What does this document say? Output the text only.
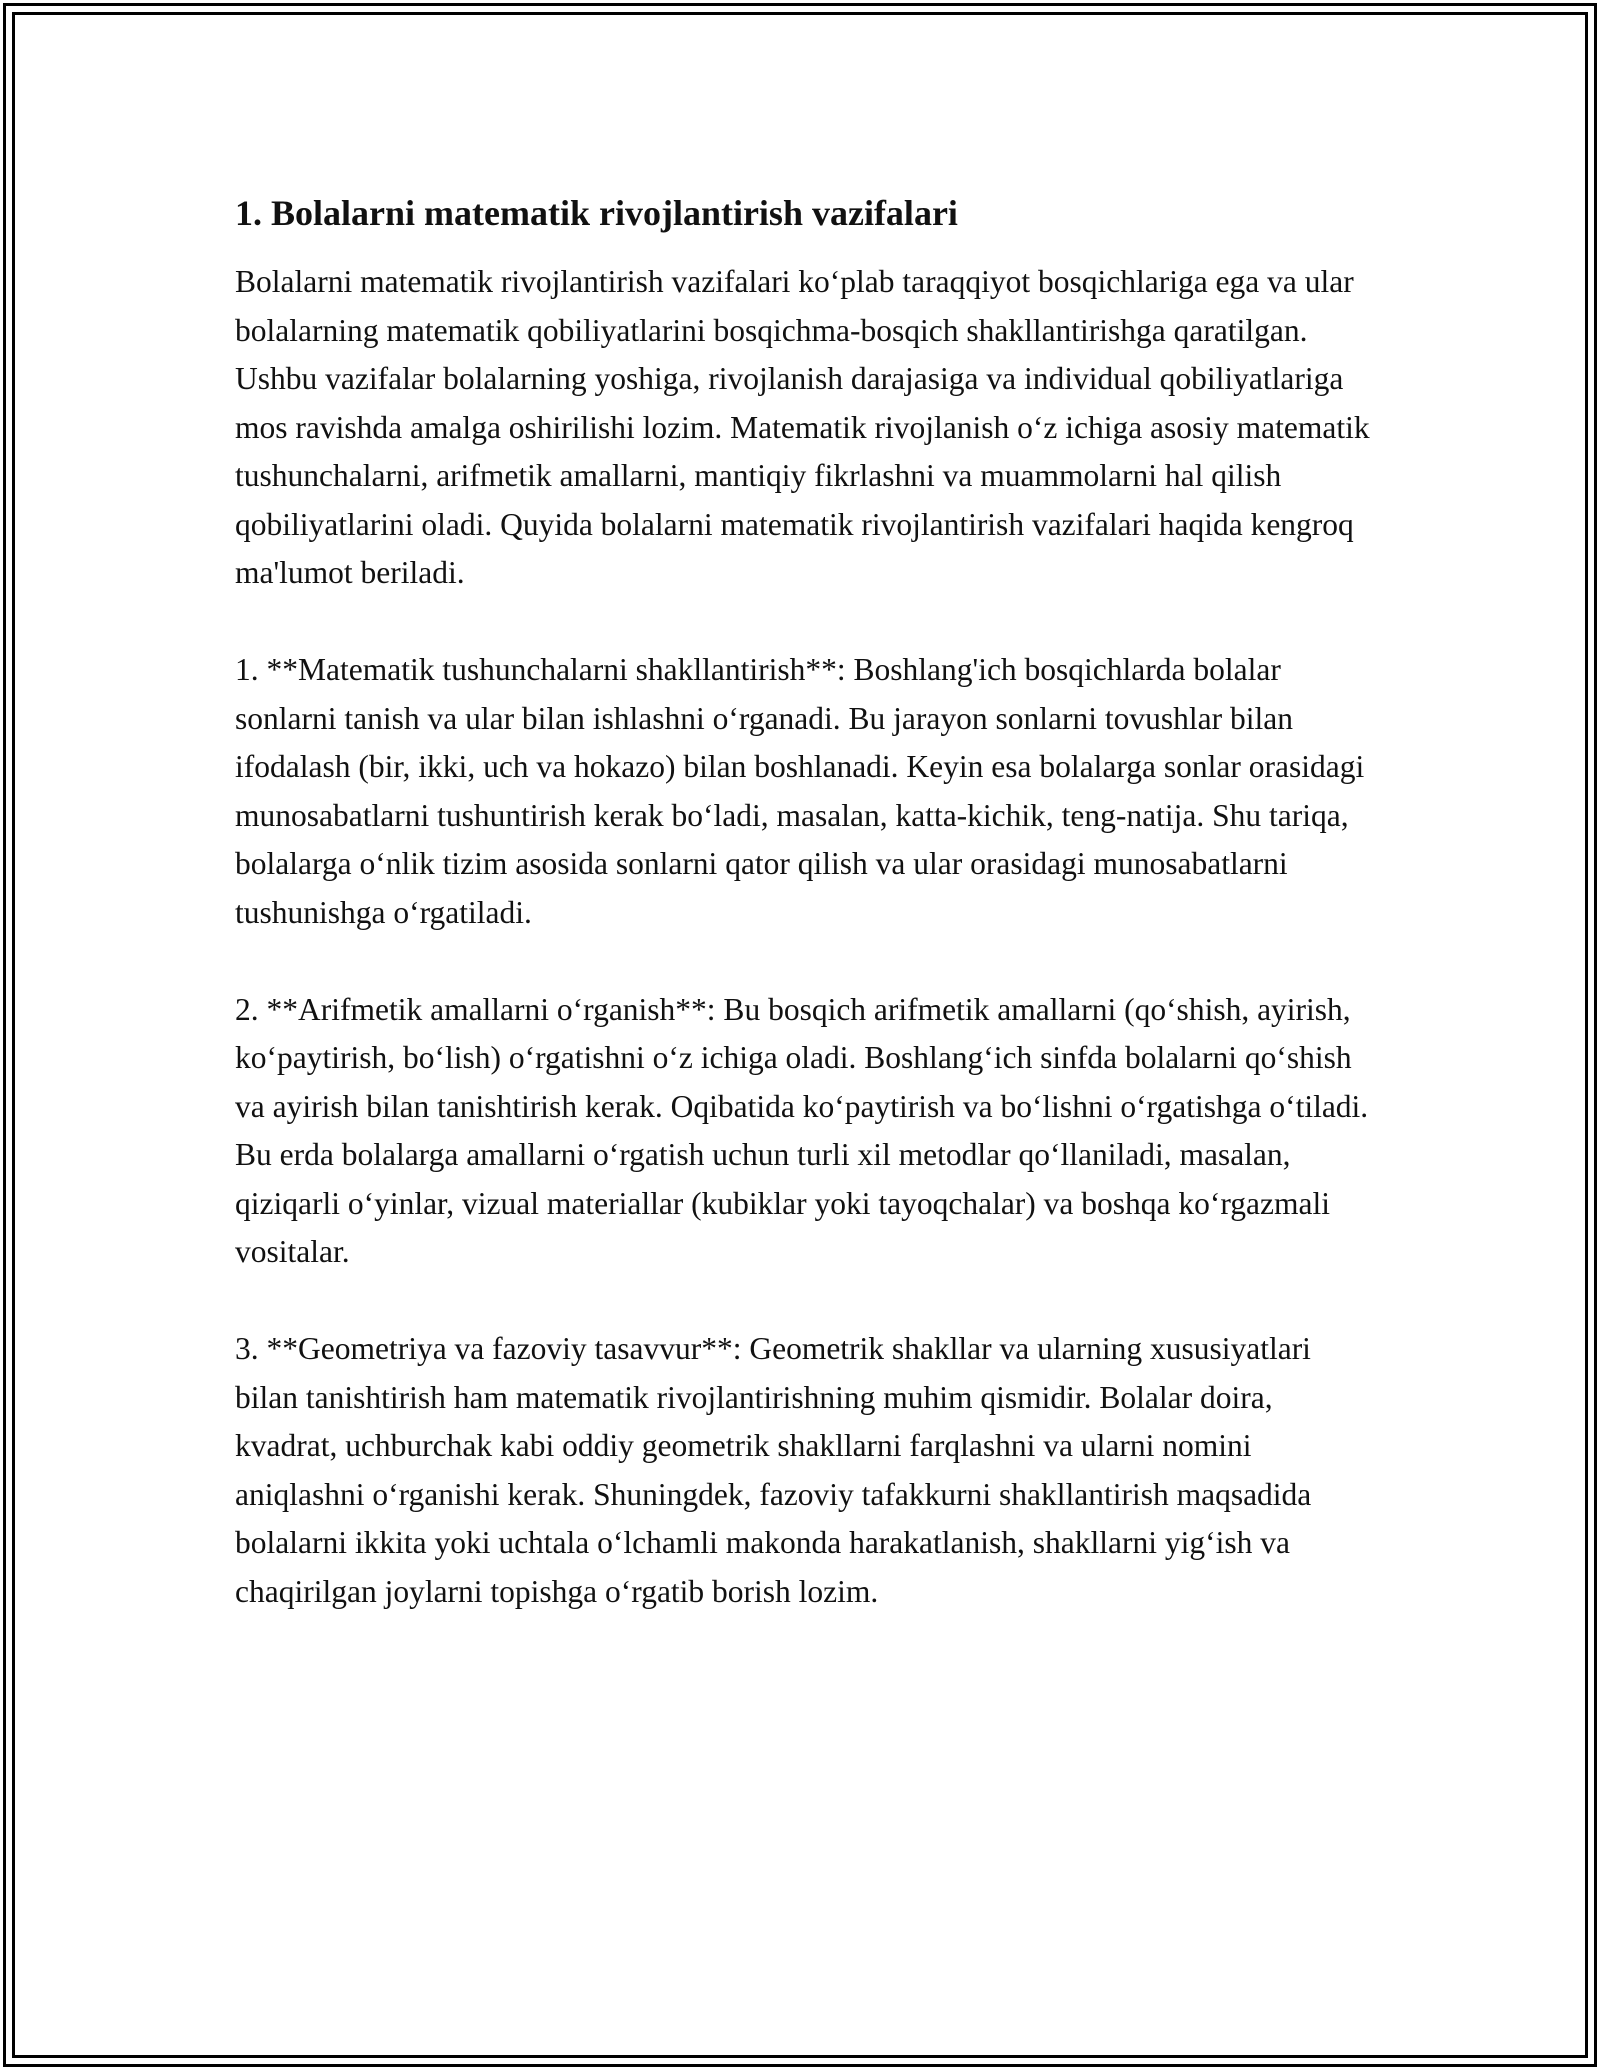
1. Bolalarni matematik rivojlantirish vazifalari

Bolalarni matematik rivojlantirish vazifalari ko‘plab taraqqiyot bosqichlariga ega va ular bolalarning matematik qobiliyatlarini bosqichma-bosqich shakllantirishga qaratilgan. Ushbu vazifalar bolalarning yoshiga, rivojlanish darajasiga va individual qobiliyatlariga mos ravishda amalga oshirilishi lozim. Matematik rivojlanish o‘z ichiga asosiy matematik tushunchalarni, arifmetik amallarni, mantiqiy fikrlashni va muammolarni hal qilish qobiliyatlarini oladi. Quyida bolalarni matematik rivojlantirish vazifalari haqida kengroq ma'lumot beriladi.

1. **Matematik tushunchalarni shakllantirish**: Boshlang'ich bosqichlarda bolalar sonlarni tanish va ular bilan ishlashni o‘rganadi. Bu jarayon sonlarni tovushlar bilan ifodalash (bir, ikki, uch va hokazo) bilan boshlanadi. Keyin esa bolalarga sonlar orasidagi munosabatlarni tushuntirish kerak bo‘ladi, masalan, katta-kichik, teng-natija. Shu tariqa, bolalarga o‘nlik tizim asosida sonlarni qator qilish va ular orasidagi munosabatlarni tushunishga o‘rgatiladi.

2. **Arifmetik amallarni o‘rganish**: Bu bosqich arifmetik amallarni (qo‘shish, ayirish, ko‘paytirish, bo‘lish) o‘rgatishni o‘z ichiga oladi. Boshlang‘ich sinfda bolalarni qo‘shish va ayirish bilan tanishtirish kerak. Oqibatida ko‘paytirish va bo‘lishni o‘rgatishga o‘tiladi. Bu erda bolalarga amallarni o‘rgatish uchun turli xil metodlar qo‘llaniladi, masalan, qiziqarli o‘yinlar, vizual materiallar (kubiklar yoki tayoqchalar) va boshqa ko‘rgazmali vositalar.

3. **Geometriya va fazoviy tasavvur**: Geometrik shakllar va ularning xususiyatlari bilan tanishtirish ham matematik rivojlantirishning muhim qismidir. Bolalar doira, kvadrat, uchburchak kabi oddiy geometrik shakllarni farqlashni va ularni nomini aniqlashni o‘rganishi kerak. Shuningdek, fazoviy tafakkurni shakllantirish maqsadida bolalarni ikkita yoki uchtala o‘lchamli makonda harakatlanish, shakllarni yig‘ish va chaqirilgan joylarni topishga o‘rgatib borish lozim.
